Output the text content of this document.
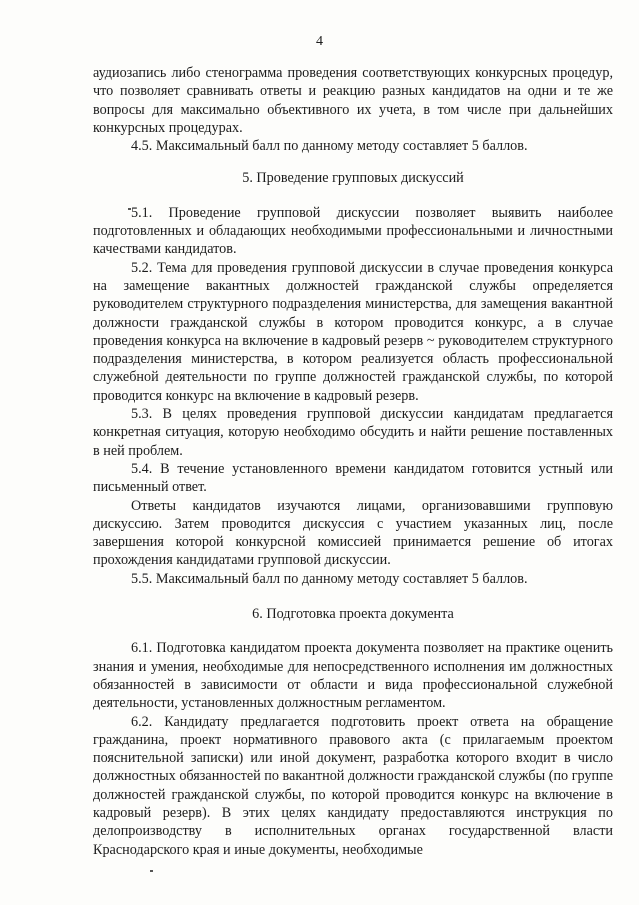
4

аудиозапись либо стенограмма проведения соответствующих конкурсных процедур, что позволяет сравнивать ответы и реакцию разных кандидатов на одни и те же вопросы для максимально объективного их учета, в том числе при дальнейших конкурсных процедурах.

4.5. Максимальный балл по данному методу составляет 5 баллов.

5. Проведение групповых дискуссий

5.1. Проведение групповой дискуссии позволяет выявить наиболее подготовленных и обладающих необходимыми профессиональными и личностными качествами кандидатов.

5.2. Тема для проведения групповой дискуссии в случае проведения конкурса на замещение вакантных должностей гражданской службы определяется руководителем структурного подразделения министерства, для замещения вакантной должности гражданской службы в котором проводится конкурс, а в случае проведения конкурса на включение в кадровый резерв ~ руководителем структурного подразделения министерства, в котором реализуется область профессиональной служебной деятельности по группе должностей гражданской службы, по которой проводится конкурс на включение в кадровый резерв.

5.3. В целях проведения групповой дискуссии кандидатам предлагается конкретная ситуация, которую необходимо обсудить и найти решение поставленных в ней проблем.

5.4. В течение установленного времени кандидатом готовится устный или письменный ответ.

Ответы кандидатов изучаются лицами, организовавшими групповую дискуссию. Затем проводится дискуссия с участием указанных лиц, после завершения которой конкурсной комиссией принимается решение об итогах прохождения кандидатами групповой дискуссии.

5.5. Максимальный балл по данному методу составляет 5 баллов.

6. Подготовка проекта документа

6.1. Подготовка кандидатом проекта документа позволяет на практике оценить знания и умения, необходимые для непосредственного исполнения им должностных обязанностей в зависимости от области и вида профессиональной служебной деятельности, установленных должностным регламентом.

6.2. Кандидату предлагается подготовить проект ответа на обращение гражданина, проект нормативного правового акта (с прилагаемым проектом пояснительной записки) или иной документ, разработка которого входит в число должностных обязанностей по вакантной должности гражданской службы (по группе должностей гражданской службы, по которой проводится конкурс на включение в кадровый резерв). В этих целях кандидату предоставляются инструкция по делопроизводству в исполнительных органах государственной власти Краснодарского края и иные документы, необходимые
